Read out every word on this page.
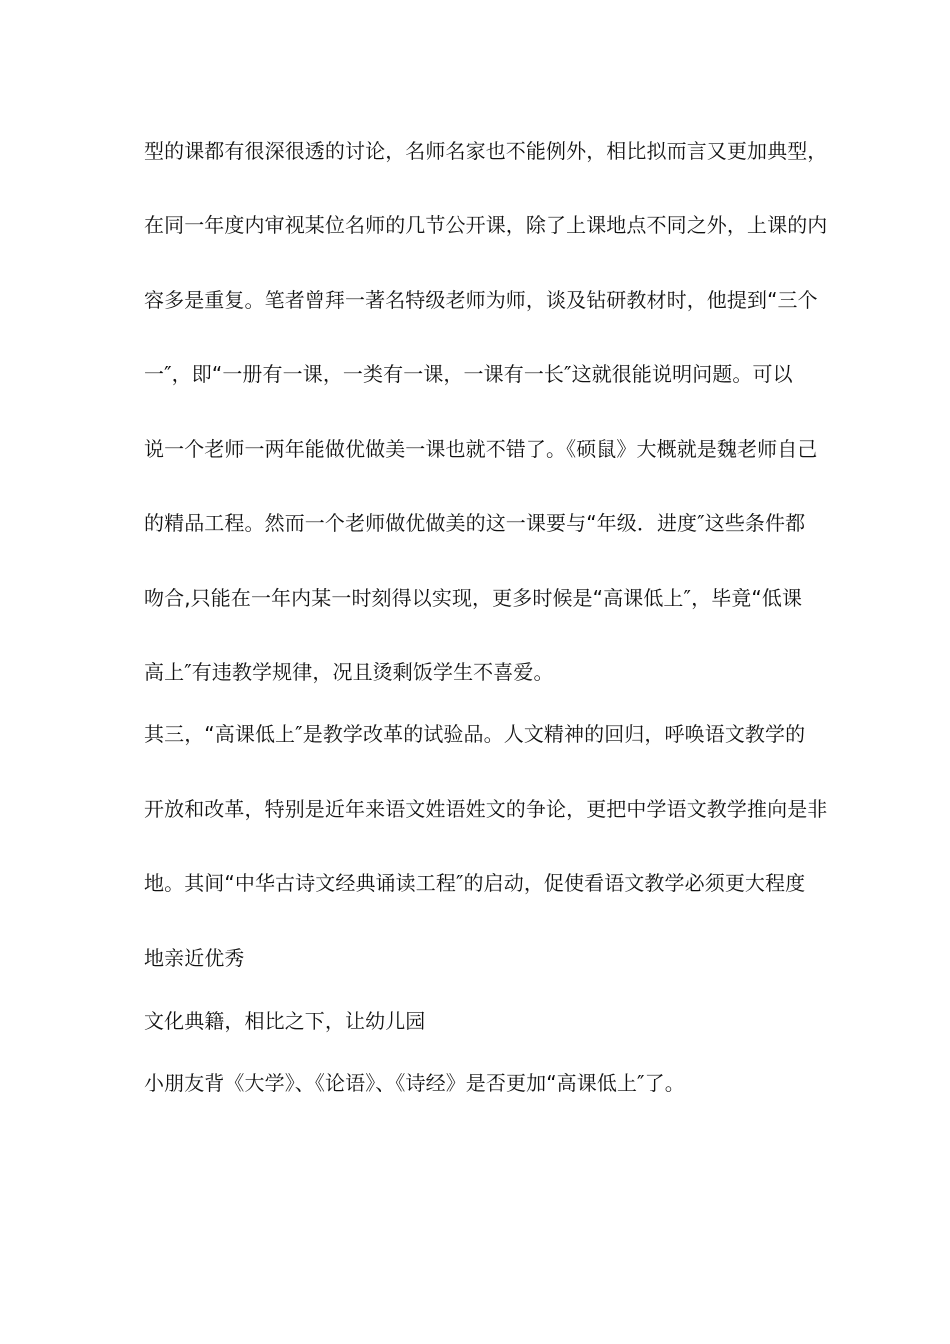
型的课都有很深很透的讨论，名师名家也不能例外，相比拟而言又更加典型，
在同一年度内审视某位名师的几节公开课，除了上课地点不同之外，上课的内
容多是重复。笔者曾拜一著名特级老师为师，谈及钻研教材时，他提到“三个
一″，即“一册有一课，一类有一课，一课有一长″这就很能说明问题。可以
说一个老师一两年能做优做美一课也就不错了。《硕鼠》大概就是魏老师自己
的精品工程。然而一个老师做优做美的这一课要与“年级．进度″这些条件都
吻合,只能在一年内某一时刻得以实现，更多时候是“高课低上″，毕竟“低课
高上″有违教学规律，况且烫剩饭学生不喜爱。
其三，“高课低上″是教学改革的试验品。人文精神的回归，呼唤语文教学的
开放和改革，特别是近年来语文姓语姓文的争论，更把中学语文教学推向是非
地。其间“中华古诗文经典诵读工程″的启动，促使看语文教学必须更大程度
地亲近优秀
文化典籍，相比之下，让幼儿园
小朋友背《大学》、《论语》、《诗经》是否更加“高课低上″了。
